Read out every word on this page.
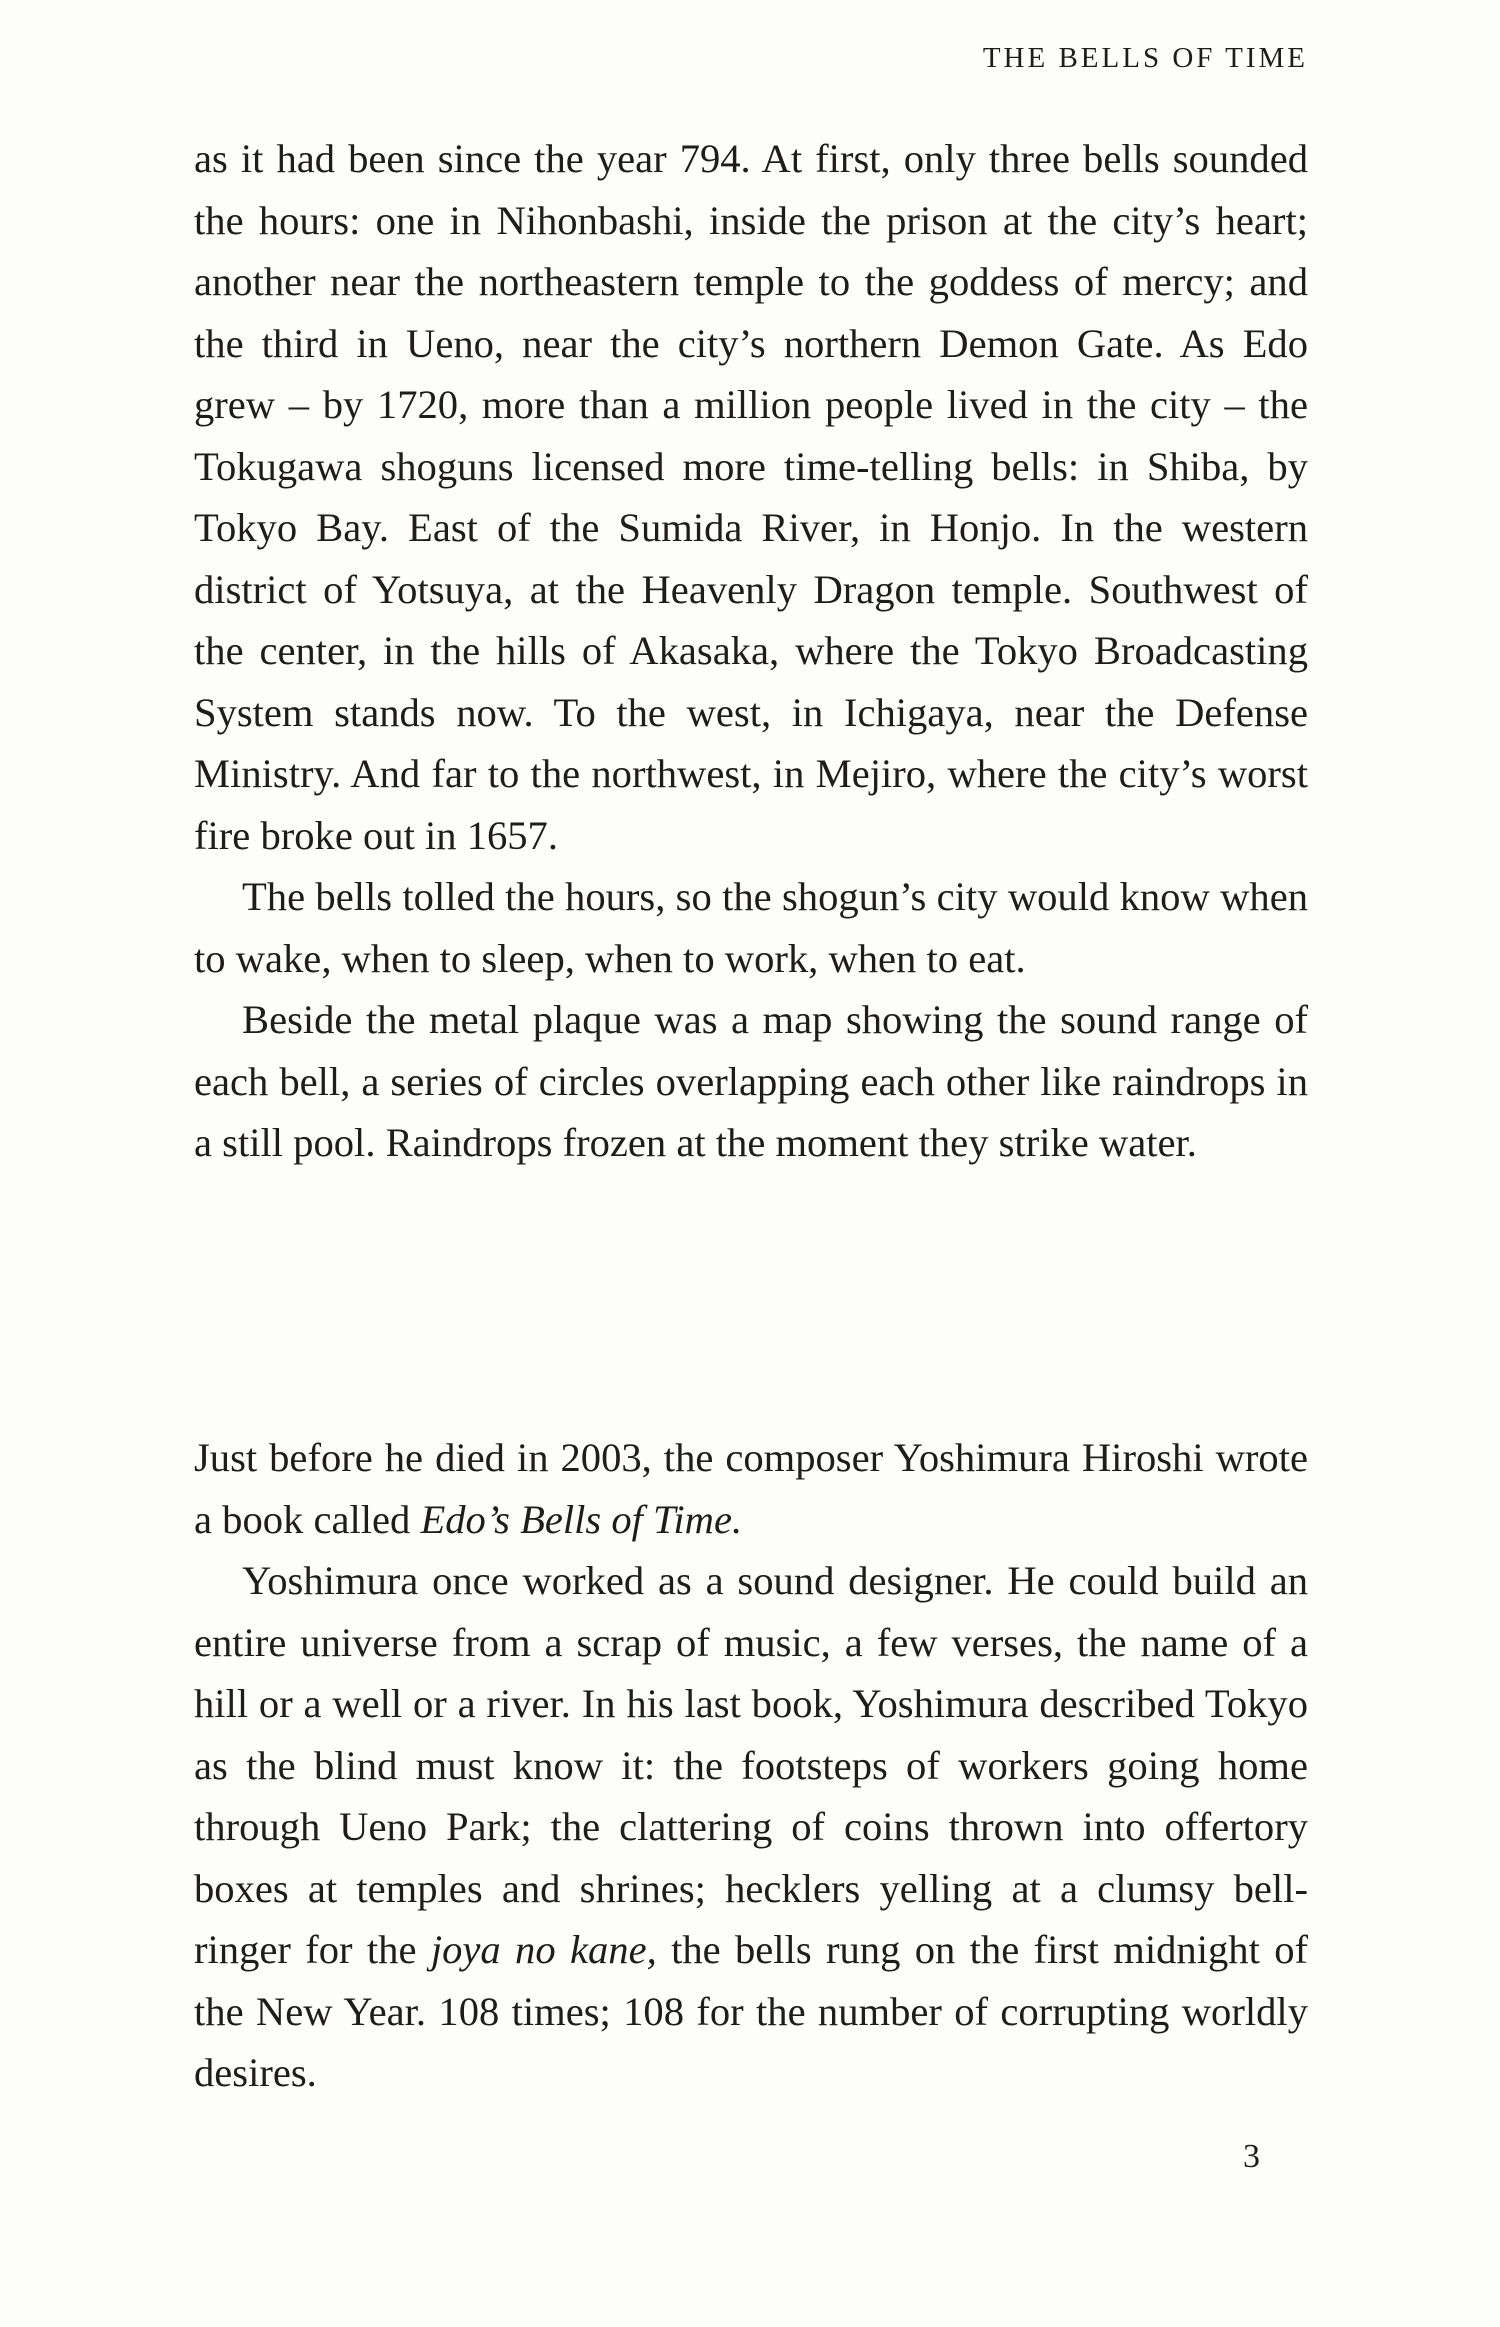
THE BELLS OF TIME

as it had been since the year 794. At first, only three bells sounded the hours: one in Nihonbashi, inside the prison at the city’s heart; another near the northeastern temple to the goddess of mercy; and the third in Ueno, near the city’s northern Demon Gate. As Edo grew – by 1720, more than a million people lived in the city – the Tokugawa shoguns licensed more time-telling bells: in Shiba, by Tokyo Bay. East of the Sumida River, in Honjo. In the western district of Yotsuya, at the Heavenly Dragon temple. Southwest of the center, in the hills of Akasaka, where the Tokyo Broadcasting System stands now. To the west, in Ichigaya, near the Defense Ministry. And far to the northwest, in Mejiro, where the city’s worst fire broke out in 1657.

The bells tolled the hours, so the shogun’s city would know when to wake, when to sleep, when to work, when to eat.

Beside the metal plaque was a map showing the sound range of each bell, a series of circles overlapping each other like raindrops in a still pool. Raindrops frozen at the moment they strike water.

Just before he died in 2003, the composer Yoshimura Hiroshi wrote a book called Edo’s Bells of Time.

Yoshimura once worked as a sound designer. He could build an entire universe from a scrap of music, a few verses, the name of a hill or a well or a river. In his last book, Yoshimura described Tokyo as the blind must know it: the footsteps of workers going home through Ueno Park; the clattering of coins thrown into offertory boxes at temples and shrines; hecklers yelling at a clumsy bell-ringer for the joya no kane, the bells rung on the first midnight of the New Year. 108 times; 108 for the number of corrupting worldly desires.

3
